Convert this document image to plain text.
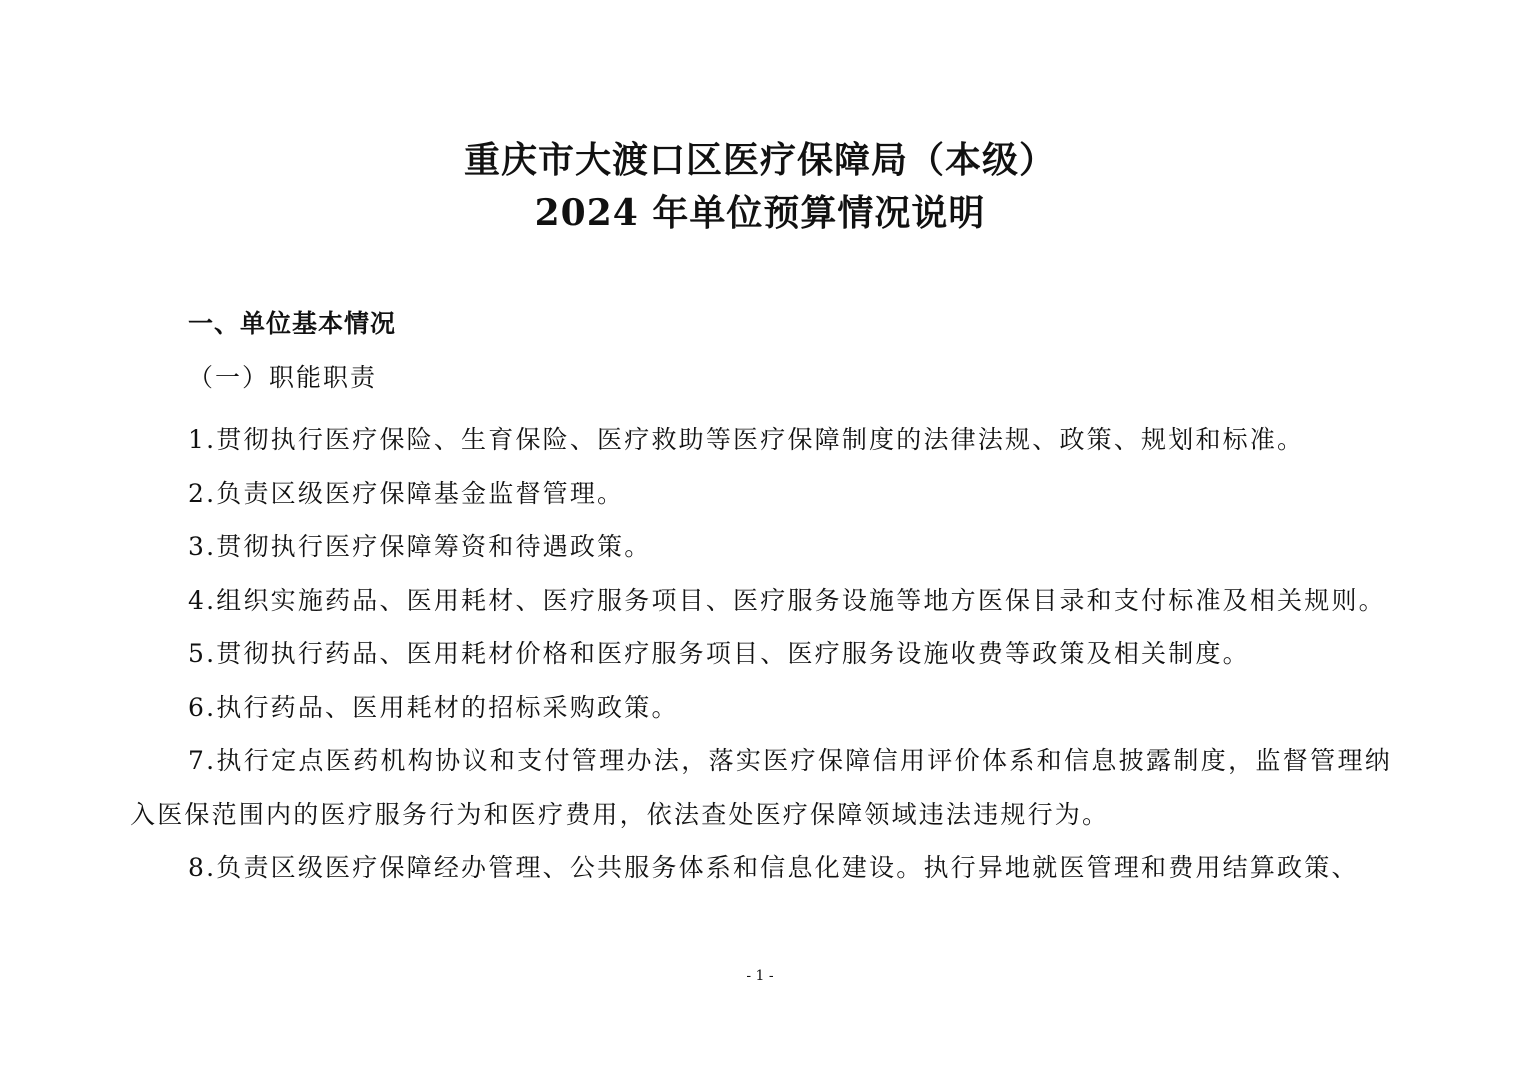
重庆市大渡口区医疗保障局（本级）
2024 年单位预算情况说明
一、单位基本情况
（一）职能职责

1.贯彻执行医疗保险、生育保险、医疗救助等医疗保障制度的法律法规、政策、规划和标准。

2.负责区级医疗保障基金监督管理。

3.贯彻执行医疗保障筹资和待遇政策。

4.组织实施药品、医用耗材、医疗服务项目、医疗服务设施等地方医保目录和支付标准及相关规则。

5.贯彻执行药品、医用耗材价格和医疗服务项目、医疗服务设施收费等政策及相关制度。

6.执行药品、医用耗材的招标采购政策。

7.执行定点医药机构协议和支付管理办法，落实医疗保障信用评价体系和信息披露制度，监督管理纳入医保范围内的医疗服务行为和医疗费用，依法查处医疗保障领域违法违规行为。

8.负责区级医疗保障经办管理、公共服务体系和信息化建设。执行异地就医管理和费用结算政策、

- 1 -
